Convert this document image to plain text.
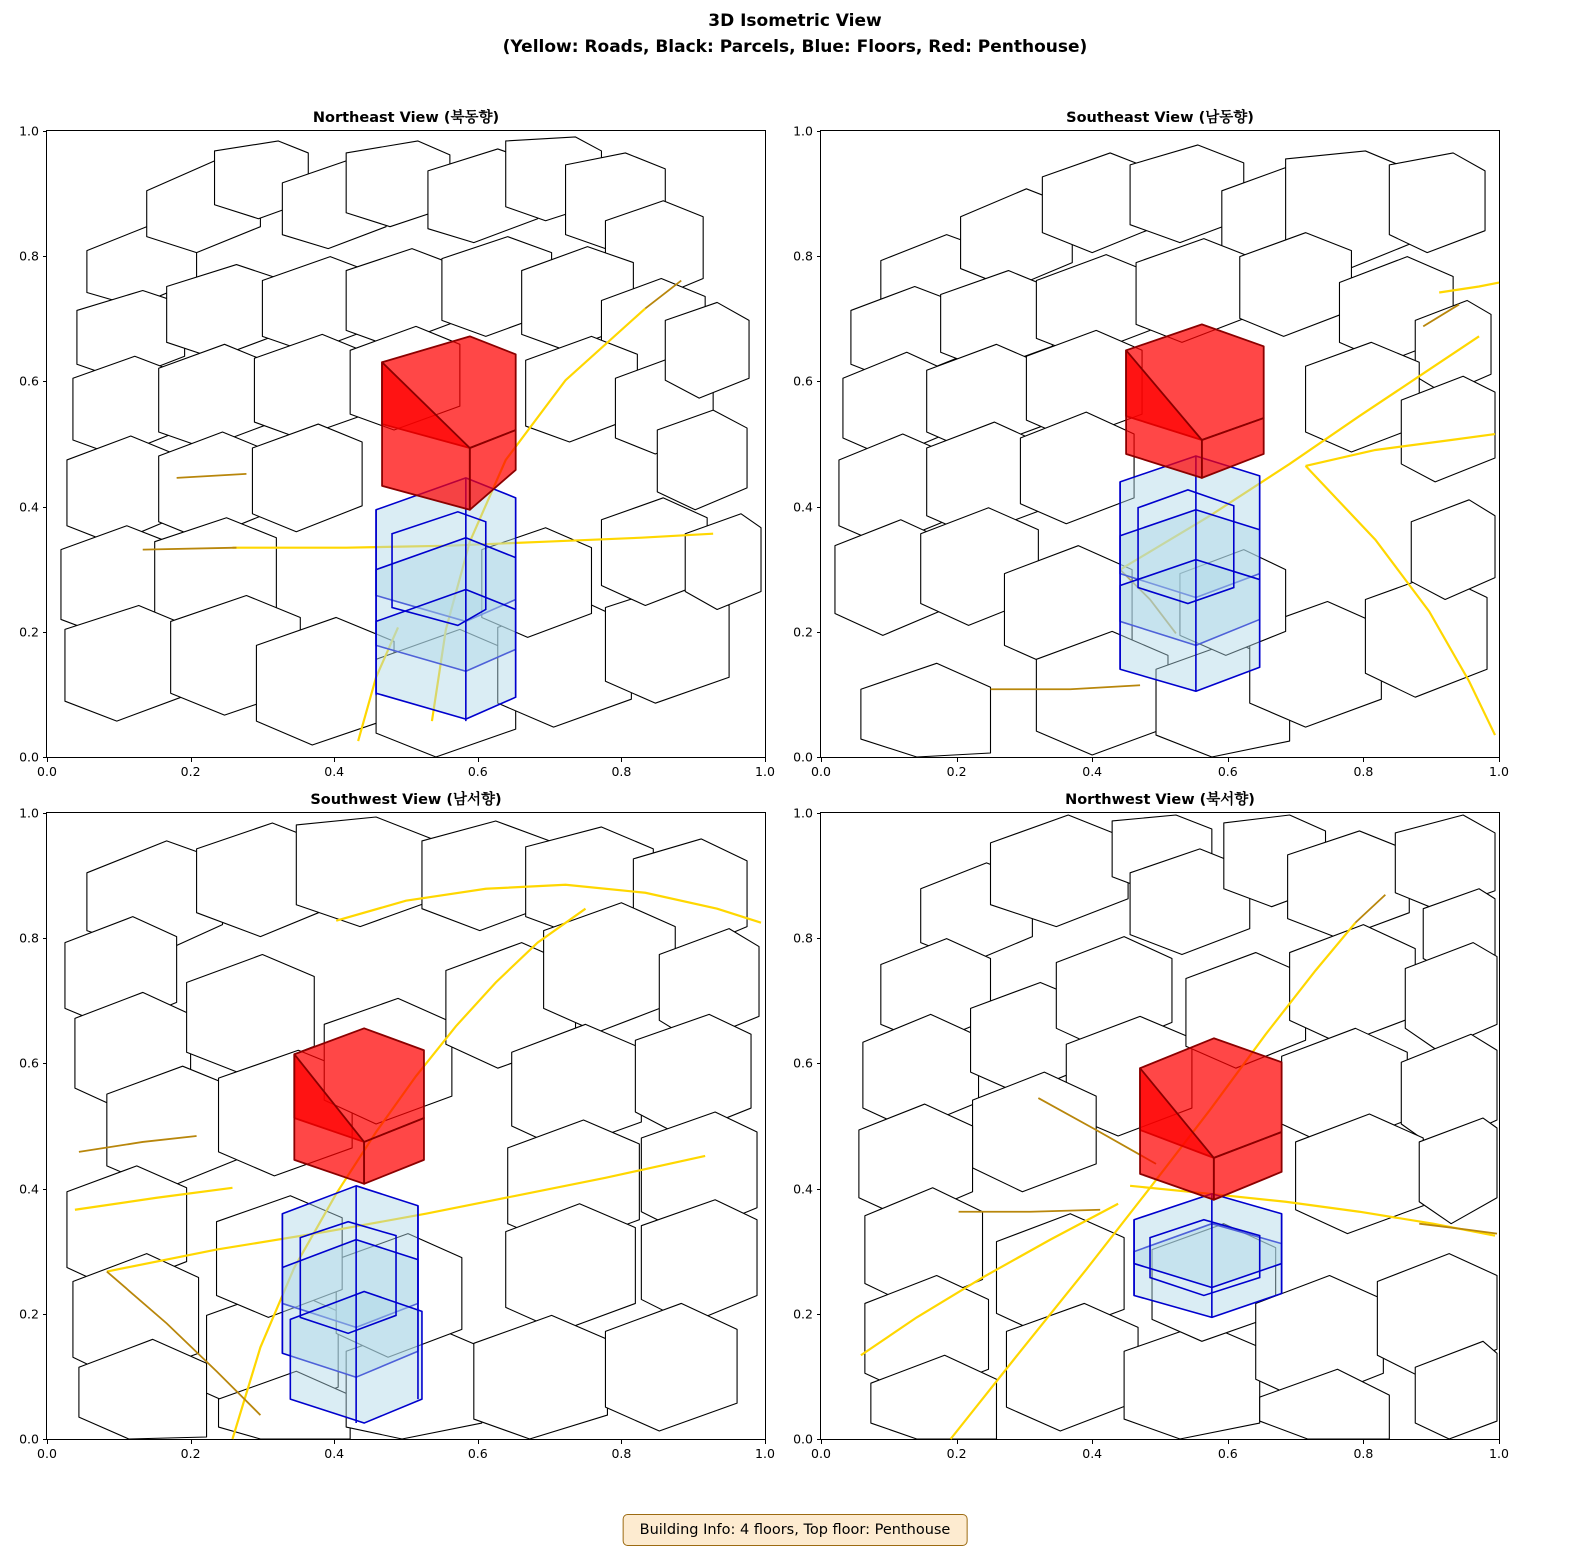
3D Isometric View
(Yellow: Roads, Black: Parcels, Blue: Floors, Red: Penthouse)
Northeast View (북동향)
1.0
0.8
0.6
0.4
0.2
0.0
0.0	0.2	0.4	0.6	0.8	1.0
Southeast View (남동향)
1.0
0.8
0.6
0.4
0.2
0.0
0.0	0.2	0.4	0.6	0.8	1.0
Southwest View (남서향)
1.0
0.8
0.6
0.4
0.2
0.0
0.0	0.2	0.4	0.6	0.8	1.0
Northwest View (북서향)
1.0
0.8
0.6
0.4
0.2
0.0
0.0	0.2	0.4	0.6	0.8	1.0
Building Info: 4 floors, Top floor: Penthouse
